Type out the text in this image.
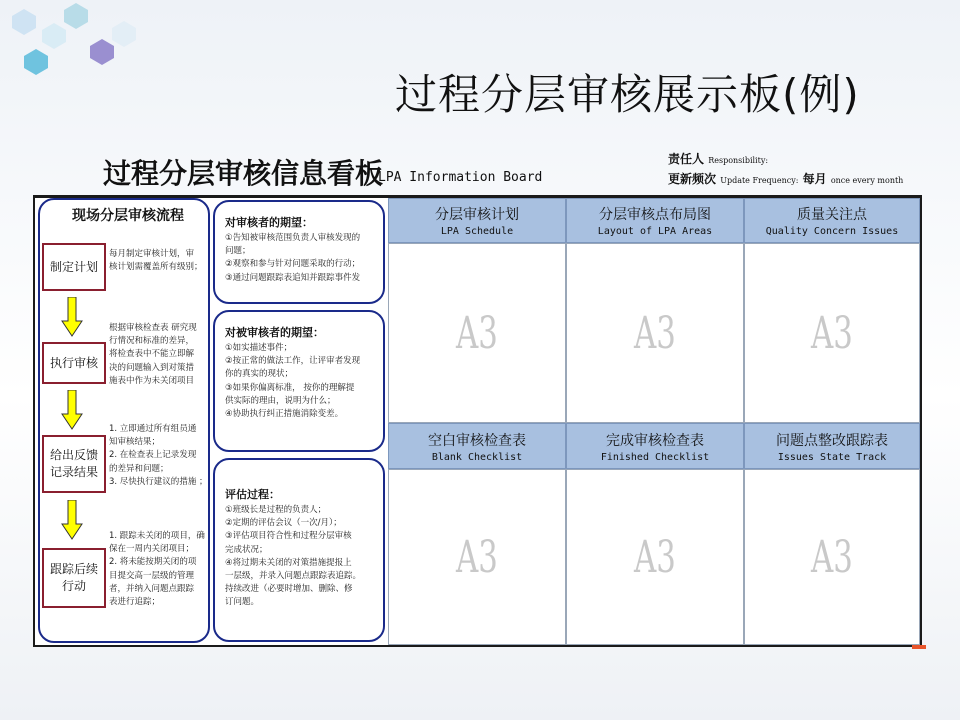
过程分层审核展示板(例)
过程分层审核信息看板
LPA Information Board
责任人 Responsibility:
更新频次 Update Frequency: 每月 once every month
现场分层审核流程
制定计划
每月制定审核计划，审
核计划需覆盖所有级别；
执行审核
根据审核检查表 研究现
行情况和标准的差异，
将检查表中不能立即解
决的问题输入到对策措
施表中作为未关闭项目
给出反馈
记录结果
1. 立即通过所有组员通
知审核结果；
2. 在检查表上记录发现
的差异和问题；
3. 尽快执行建议的措施 ；
跟踪后续
行动
1. 跟踪未关闭的项目，确
保在一周内关闭项目；
2. 将未能按期关闭的项
目提交高一层级的管理
者，并纳入问题点跟踪
表进行追踪；
对审核者的期望：
①告知被审核范围负责人审核发现的
问题；
②观察和参与针对问题采取的行动；
③通过问题跟踪表追知并跟踪事件发
对被审核者的期望：
①如实描述事件；
②按正常的做法工作，让评审者发现
你的真实的现状；
③如果你偏离标准， 按你的理解提
供实际的理由，说明为什么；
④协助执行纠正措施消除变差。
评估过程：
①班级长是过程的负责人；
②定期的评估会议（一次/月）；
③评估项目符合性和过程分层审核
完成状况；
④将过期未关闭的对策措施提报上
一层级，并录入问题点跟踪表追踪。
持续改进（必要时增加、删除、修
订问题。
分层审核计划
LPA Schedule
分层审核点布局图
Layout of LPA Areas
质量关注点
Quality Concern Issues
A3	A3	A3
空白审核检查表
Blank Checklist
完成审核检查表
Finished Checklist
问题点整改跟踪表
Issues State Track
A3	A3	A3
